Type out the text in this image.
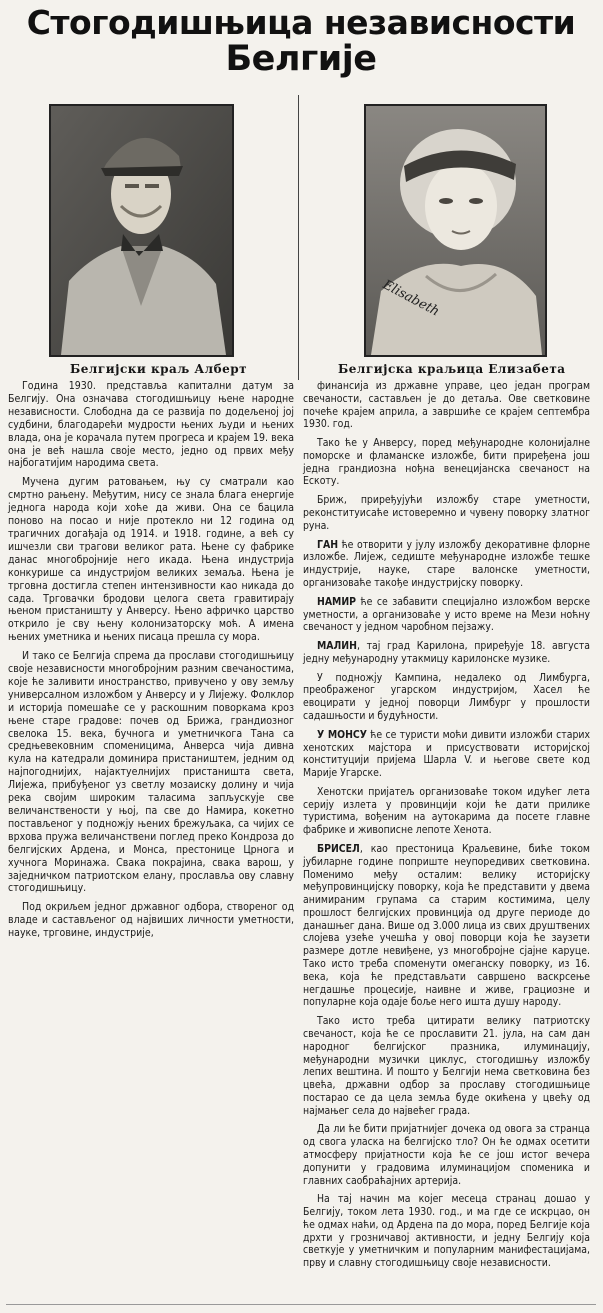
Стогодишњица независности
Белгије
Elisabeth
Белгијски краљ Алберт	Белгијска краљица Елизабета

Година 1930. представља капитални датум за Белгију. Она означава стогодишњицу њене народне независности. Слободна да се развија по додељеној јој судбини, благодарећи мудрости њених људи и њених влада, она је корачала путем прогреса и крајем 19. века она је већ нашла своје место, једно од првих међу најбогатијим народима света.

Мучена дугим ратовањем, њу су сматрали као смртно рањену. Међутим, нису се знала блага енергије једнога народа који хоће да живи. Она се бацила поново на посао и није протекло ни 12 година од трагичних догађаја од 1914. и 1918. године, а већ су ишчезли сви трагови великог рата. Њене су фабрике данас многобројније него икада. Њена индустрија конкурише са индустријом великих земаља. Њена је трговна достигла степен интензивности као никада до сада. Трговачки бродови целога света гравитирају њеном пристаништу у Анверсу. Њено афричко царство открило је сву њену колонизаторску моћ. А имена њених уметника и њених писаца прешла су мора.

И тако се Белгија спрема да прослави стогодишњицу своје независности многобројним разним свечаностима, које ће заливити иностранство, привучено у ову земљу универсалном изложбом у Анверсу и у Лијежу. Фолклор и историја помешаће се у раскошним поворкама кроз њене старе градове: почев од Брижа, грандиозног свелока 15. века, бучнога и уметничкога Тана са средњевековним споменицима, Анверса чија дивна кула на катедрали доминира пристаништем, једним од најпогоднијих, најактуелнијих пристаништа света, Лијежа, прибуђеног уз светлу мозаиску долину и чија река својим широким таласима запљускује све величанствености у њој, па све до Намира, кокетно постављеног у подножју њених брежуљака, са чијих се врхова пружа величанствени поглед преко Кондроза до белгијских Ардена, и Монса, престонице Црнога и хучнога Моринажа. Свака покрајина, свака варош, у заједничком патриотском елану, прославља ову славну стогодишњицу.

Под окриљем једног државног одбора, створеног од владе и састављеног од највиших личности уметности, науке, трговине, индустрије,

финансија из државне управе, цео један програм свечаности, састављен је до детаља. Ове светковине почеће крајем априла, а завршиће се крајем септембра 1930. год.

Тако ће у Анверсу, поред међународне колонијалне поморске и фламанске изложбе, бити приређена још једна грандиозна нођна венецијанска свечаност на Ескоту.

Бриж, приређујући изложбу старе уметности, реконституисаће истоверемно и чувену поворку златног руна.

ГАН ће отворити у јулу изложбу декоративне флорне изложбе. Лијеж, седиште међународне изложбе тешке индустрије, науке, старе валонске уметности, организоваће такође индустријску поворку.

НАМИР ће се забавити специјално изложбом верске уметности, а организоваће у исто време на Мези ноћну свечаност у једном чаробном пејзажу.

МАЛИН, тај град Карилона, приређује 18. августа једну међународну утакмицу карилонске музике.

У подножју Кампина, недалеко од Лимбурга, преображеног угарском индустријом, Хасел ће евоцирати у једној поворци Лимбург у прошлости садашњости и будућности.

У МОНСУ ће се туристи моћи дивити изложби старих хенотских мајстора и присуствовати историјској конституцији пријема Шарла V. и његове свете код Марије Угарске.

Хенотски пријатељ организоваће током идућег лета серију излета у провинцији који ће дати прилике туристима, вођеним на аутокарима да посете главне фабрике и живописне лепоте Хенота.

БРИСЕЛ, као престоница Краљевине, биће током јубиларне године поприште неупоредивих светковина. Поменимо међу осталим: велику историјску међупровинцијску поворку, која ће представити у двема анимираним групама са старим костимима, целу прошлост белгијских провинција од друге периоде до данашњег дана. Више од 3.000 лица из свих друштвених слојева узеће учешћа у овој поворци која ће заузети размере дотле невиђене, уз многобројне сјајне каруце. Тако исто треба споменути омеганску поворку, из 16. века, која ће представљати савршено васкрсење негдашње процесије, наивне и живе, грациозне и популарне која одаје боље него ишта душу народу.

Тако исто треба цитирати велику патриотску свечаност, која ће се прославити 21. јула, на сам дан народног белгијског празника, илуминацију, међународни музички циклус, стогодишњу изложбу лепих вештина. И пошто у Белгији нема светковина без цвећа, државни одбор за прославу стогодишњице постарао се да цела земља буде окићена у цвећу од најмањег села до највећег града.

Да ли ће бити пријатнијег дочека од овога за странца од свога уласка на белгијско тло? Он ће одмах осетити атмосферу пријатности која ће се још истог вечера допунити у градовима илуминацијом споменика и главних саобраћајних артерија.

На тај начин ма којег месеца странац дошао у Белгију, током лета 1930. год., и ма где се искрцао, он ће одмах наћи, од Ардена па до мора, поред Белгије која дрхти у грозничавој активности, и једну Белгију која светкује у уметничким и популарним манифестацијама, прву и славну стогодишњицу своје независности.
